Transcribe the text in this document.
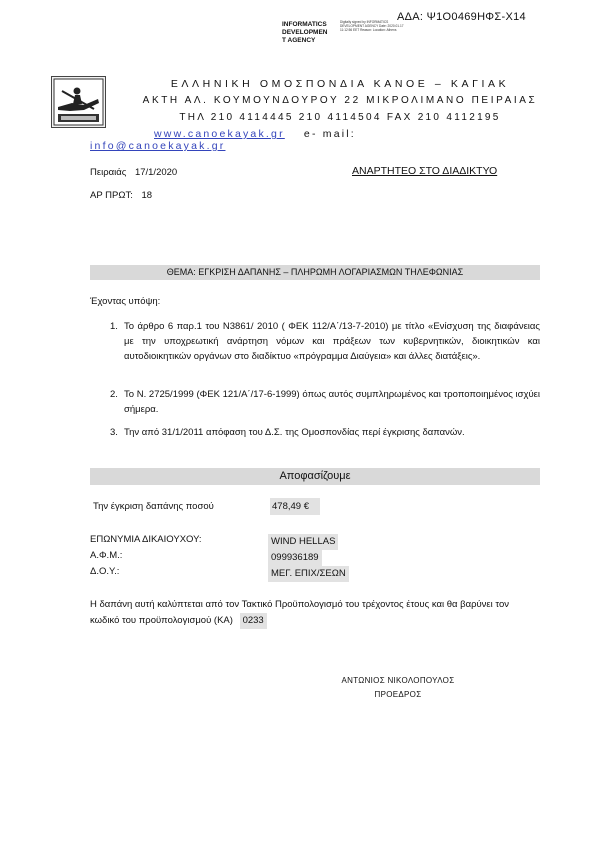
ΑΔΑ: Ψ1Ο0469ΗΦΣ-Χ14
INFORMATICS
DEVELOPMEN
T AGENCY
Digitally signed by INFORMATICS DEVELOPMENT AGENCY Date: 2020.01.17 11:12:56 EET Reason: Location: Athens
ΕΛΛΗΝΙΚΗ ΟΜΟΣΠΟΝΔΙΑ ΚΑΝΟΕ – ΚΑΓΙΑΚ
ΑΚΤΗ ΑΛ. ΚΟΥΜΟΥΝΔΟΥΡΟΥ 22 ΜΙΚΡΟΛΙΜΑΝΟ ΠΕΙΡΑΙΑΣ
ΤΗΛ 210 4114445 210 4114504 FAX 210 4112195
www.canoekayak.gr e- mail:
info@canoekayak.gr
Πειραιάς 17/1/2020
ΑΡ ΠΡΩΤ: 18
ΑΝΑΡΤΗΤΕΟ ΣΤΟ ΔΙΑΔΙΚΤΥΟ
ΘΕΜΑ: ΕΓΚΡΙΣΗ ΔΑΠΑΝΗΣ – ΠΛΗΡΩΜΗ ΛΟΓΑΡΙΑΣΜΩΝ ΤΗΛΕΦΩΝΙΑΣ
Έχοντας υπόψη:
1. Το άρθρο 6 παρ.1 του Ν3861/ 2010 ( ΦΕΚ 112/Α΄/13-7-2010) με τίτλο «Ενίσχυση της διαφάνειας με την υποχρεωτική ανάρτηση νόμων και πράξεων των κυβερνητικών, διοικητικών και αυτοδιοικητικών οργάνων στο διαδίκτυο «πρόγραμμα Διαύγεια» και άλλες διατάξεις».
2. Το Ν. 2725/1999 (ΦΕΚ 121/Α΄/17-6-1999) όπως αυτός συμπληρωμένος και τροποποιημένος ισχύει σήμερα.
3. Την από 31/1/2011 απόφαση του Δ.Σ. της Ομοσπονδίας περί έγκρισης δαπανών.
Αποφασίζουμε
Την έγκριση δαπάνης ποσού	478,49 €
ΕΠΩΝΥΜΙΑ ΔΙΚΑΙΟΥΧΟΥ:	WIND HELLAS
Α.Φ.Μ.:	099936189
Δ.Ο.Υ.:	ΜΕΓ. ΕΠΙΧ/ΣΕΩΝ
Η δαπάνη αυτή καλύπτεται από τον Τακτικό Προϋπολογισμό του τρέχοντος έτους και θα βαρύνει τον κωδικό του προϋπολογισμού (ΚΑ) 0233
ΑΝΤΩΝΙΟΣ ΝΙΚΟΛΟΠΟΥΛΟΣ
ΠΡΟΕΔΡΟΣ
